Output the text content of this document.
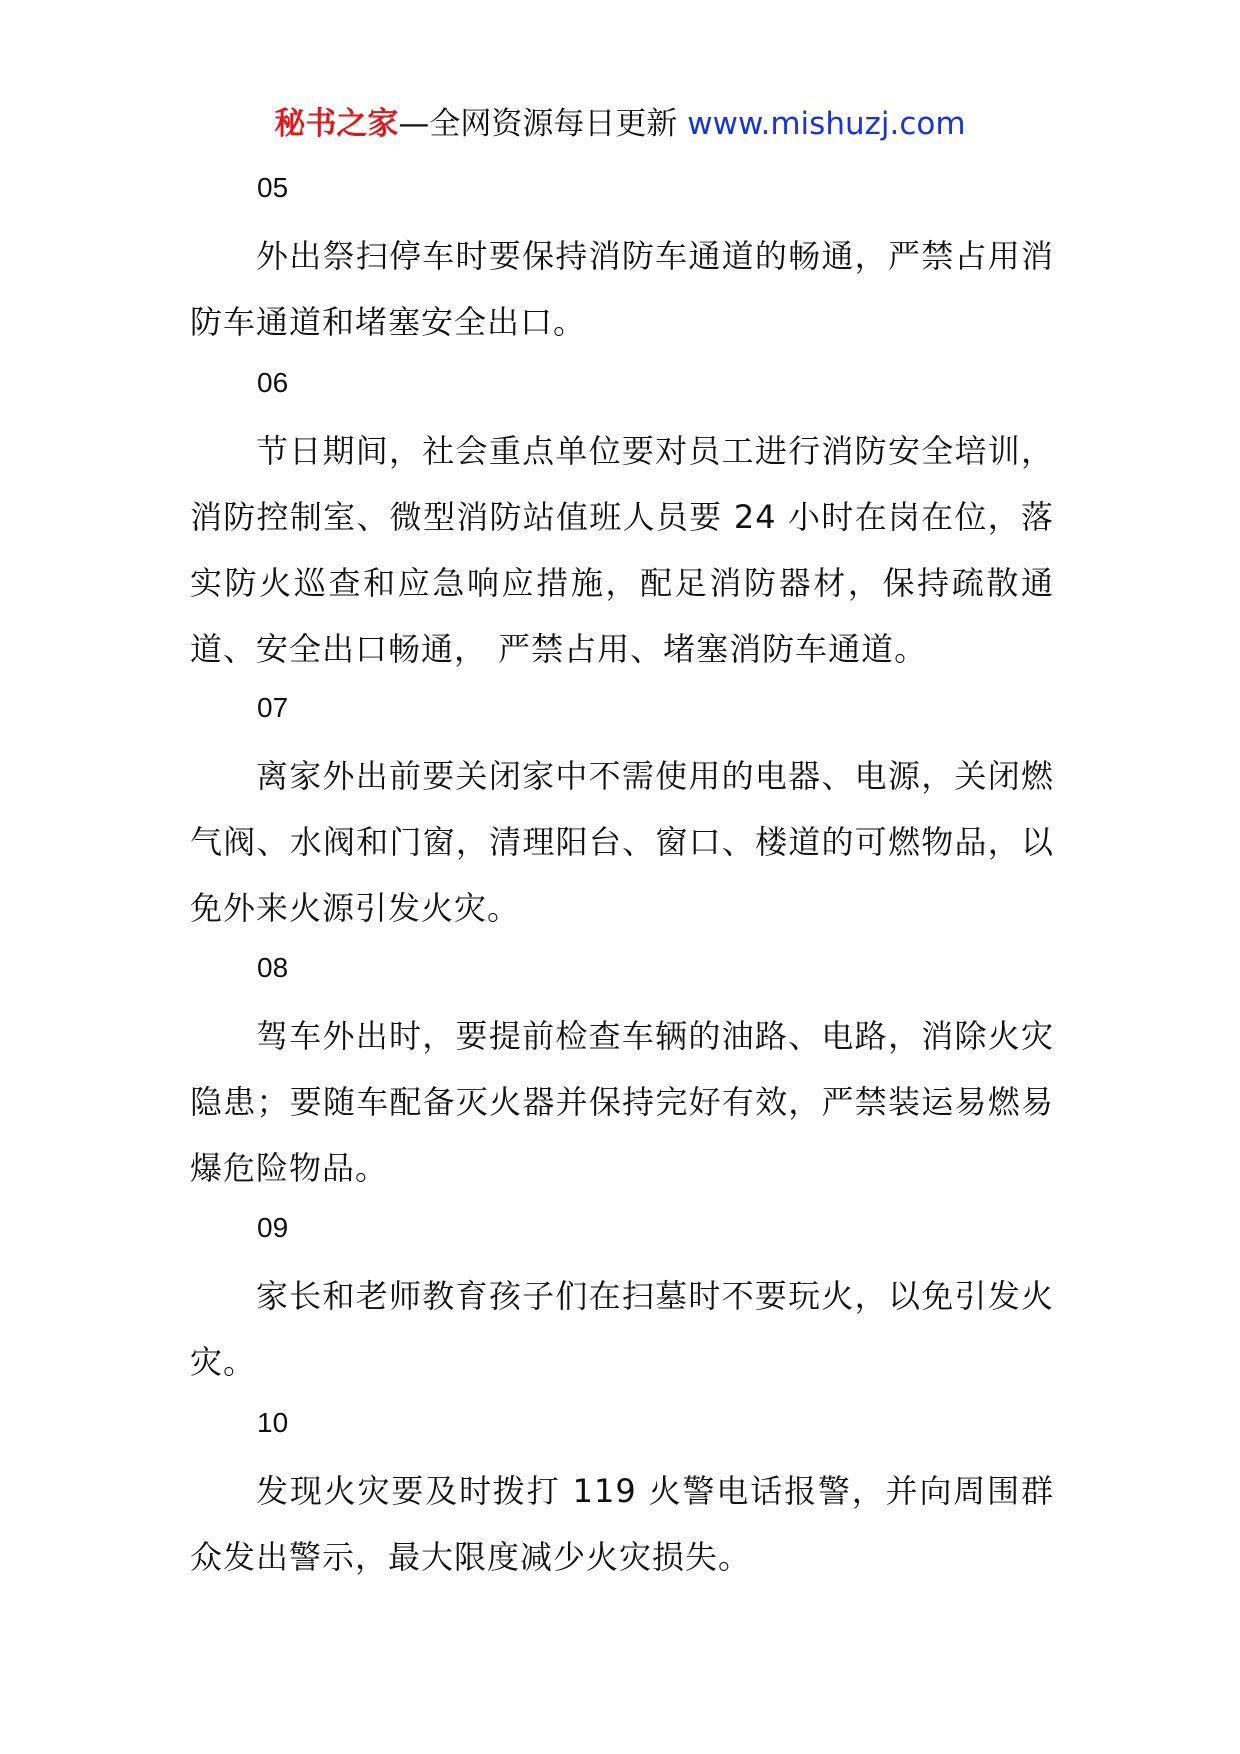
秘书之家—全网资源每日更新 www.mishuzj.com
05

外出祭扫停车时要保持消防车通道的畅通，严禁占用消防车通道和堵塞安全出口。

06

节日期间，社会重点单位要对员工进行消防安全培训，消防控制室、微型消防站值班人员要 24 小时在岗在位，落实防火巡查和应急响应措施，配足消防器材，保持疏散通道、安全出口畅通， 严禁占用、堵塞消防车通道。

07

离家外出前要关闭家中不需使用的电器、电源，关闭燃气阀、水阀和门窗，清理阳台、窗口、楼道的可燃物品，以免外来火源引发火灾。

08

驾车外出时，要提前检查车辆的油路、电路，消除火灾隐患；要随车配备灭火器并保持完好有效，严禁装运易燃易爆危险物品。

09

家长和老师教育孩子们在扫墓时不要玩火，以免引发火灾。

10

发现火灾要及时拨打 119 火警电话报警，并向周围群众发出警示，最大限度减少火灾损失。
